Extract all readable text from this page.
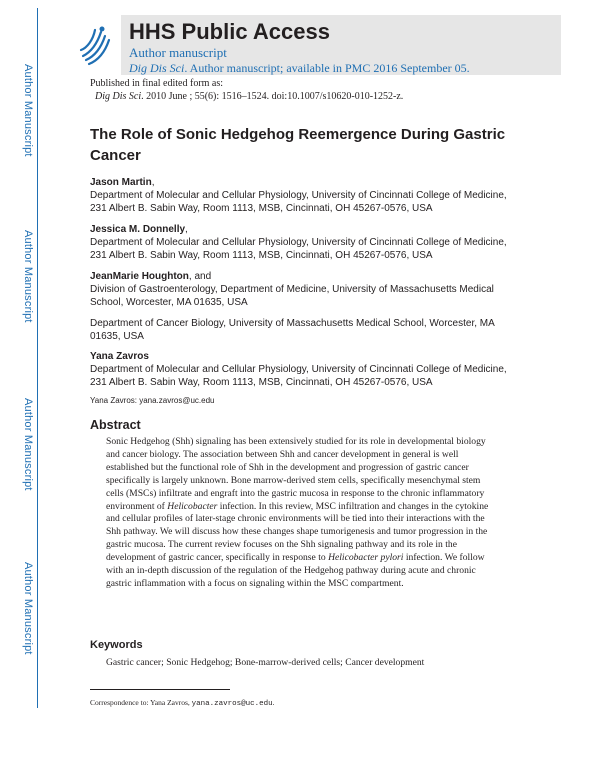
Author Manuscript
Author Manuscript
Author Manuscript
Author Manuscript
HHS Public Access
Author manuscript
Dig Dis Sci. Author manuscript; available in PMC 2016 September 05.
Published in final edited form as:
Dig Dis Sci. 2010 June ; 55(6): 1516–1524. doi:10.1007/s10620-010-1252-z.
The Role of Sonic Hedgehog Reemergence During Gastric
Cancer
Jason Martin,
Department of Molecular and Cellular Physiology, University of Cincinnati College of Medicine,
231 Albert B. Sabin Way, Room 1113, MSB, Cincinnati, OH 45267-0576, USA
Jessica M. Donnelly,
Department of Molecular and Cellular Physiology, University of Cincinnati College of Medicine,
231 Albert B. Sabin Way, Room 1113, MSB, Cincinnati, OH 45267-0576, USA
JeanMarie Houghton, and
Division of Gastroenterology, Department of Medicine, University of Massachusetts Medical
School, Worcester, MA 01635, USA
Department of Cancer Biology, University of Massachusetts Medical School, Worcester, MA
01635, USA
Yana Zavros
Department of Molecular and Cellular Physiology, University of Cincinnati College of Medicine,
231 Albert B. Sabin Way, Room 1113, MSB, Cincinnati, OH 45267-0576, USA
Yana Zavros: yana.zavros@uc.edu
Abstract
Sonic Hedgehog (Shh) signaling has been extensively studied for its role in developmental biology and cancer biology. The association between Shh and cancer development in general is well established but the functional role of Shh in the development and progression of gastric cancer specifically is largely unknown. Bone marrow-derived stem cells, specifically mesenchymal stem cells (MSCs) infiltrate and engraft into the gastric mucosa in response to the chronic inflammatory environment of Helicobacter infection. In this review, MSC infiltration and changes in the cytokine and cellular profiles of later-stage chronic environments will be tied into their interactions with the Shh pathway. We will discuss how these changes shape tumorigenesis and tumor progression in the gastric mucosa. The current review focuses on the Shh signaling pathway and its role in the development of gastric cancer, specifically in response to Helicobacter pylori infection. We follow with an in-depth discussion of the regulation of the Hedgehog pathway during acute and chronic gastric inflammation with a focus on signaling within the MSC compartment.
Keywords
Gastric cancer; Sonic Hedgehog; Bone-marrow-derived cells; Cancer development
Correspondence to: Yana Zavros, yana.zavros@uc.edu.
